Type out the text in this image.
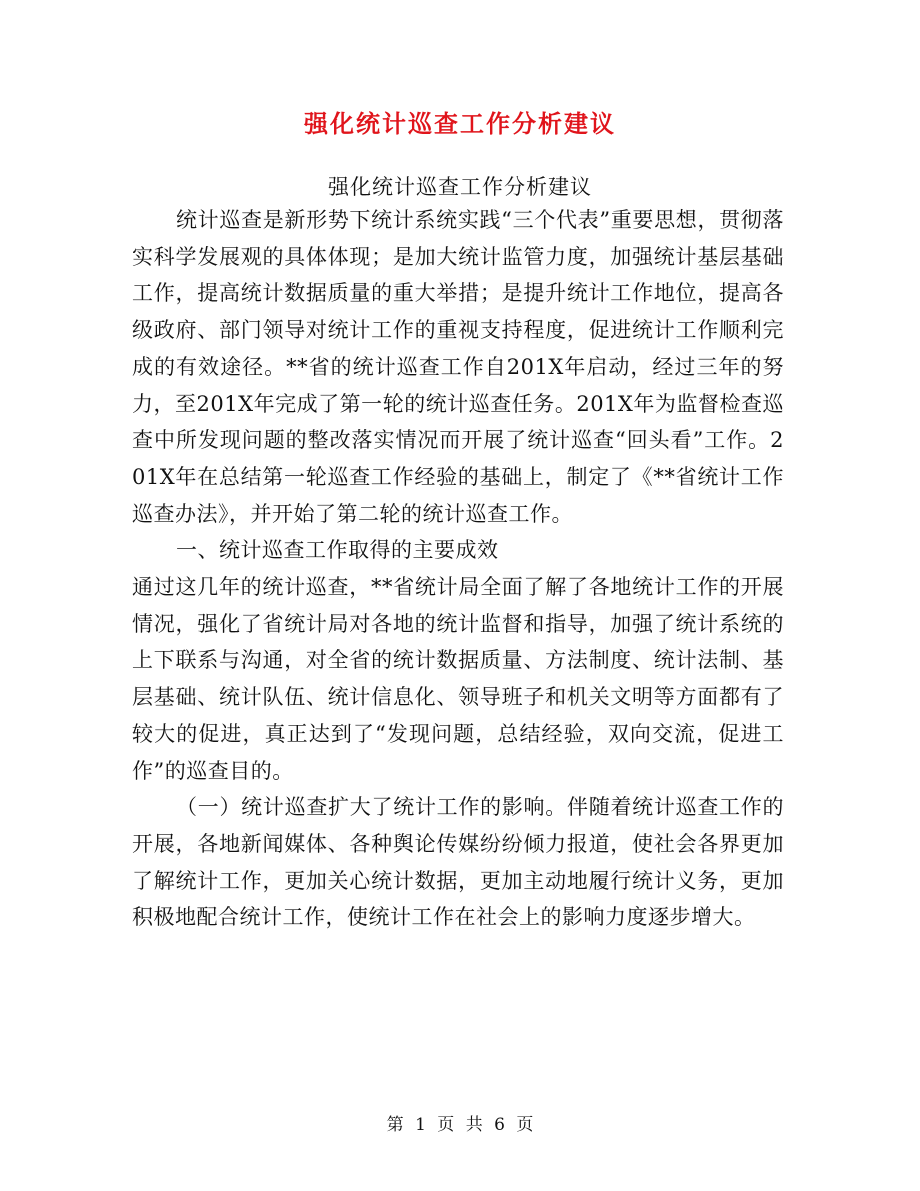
强化统计巡查工作分析建议
强化统计巡查工作分析建议

统计巡查是新形势下统计系统实践“三个代表”重要思想，贯彻落实科学发展观的具体体现；是加大统计监管力度，加强统计基层基础工作，提高统计数据质量的重大举措；是提升统计工作地位，提高各级政府、部门领导对统计工作的重视支持程度，促进统计工作顺利完成的有效途径。**省的统计巡查工作自201X年启动，经过三年的努力，至201X年完成了第一轮的统计巡查任务。201X年为监督检查巡查中所发现问题的整改落实情况而开展了统计巡查“回头看”工作。201X年在总结第一轮巡查工作经验的基础上，制定了《**省统计工作巡查办法》，并开始了第二轮的统计巡查工作。

一、统计巡查工作取得的主要成效

通过这几年的统计巡查，**省统计局全面了解了各地统计工作的开展情况，强化了省统计局对各地的统计监督和指导，加强了统计系统的上下联系与沟通，对全省的统计数据质量、方法制度、统计法制、基层基础、统计队伍、统计信息化、领导班子和机关文明等方面都有了较大的促进，真正达到了“发现问题，总结经验，双向交流，促进工作”的巡查目的。

（一）统计巡查扩大了统计工作的影响。伴随着统计巡查工作的开展，各地新闻媒体、各种舆论传媒纷纷倾力报道，使社会各界更加了解统计工作，更加关心统计数据，更加主动地履行统计义务，更加积极地配合统计工作，使统计工作在社会上的影响力度逐步增大。

第 1 页 共 6 页
